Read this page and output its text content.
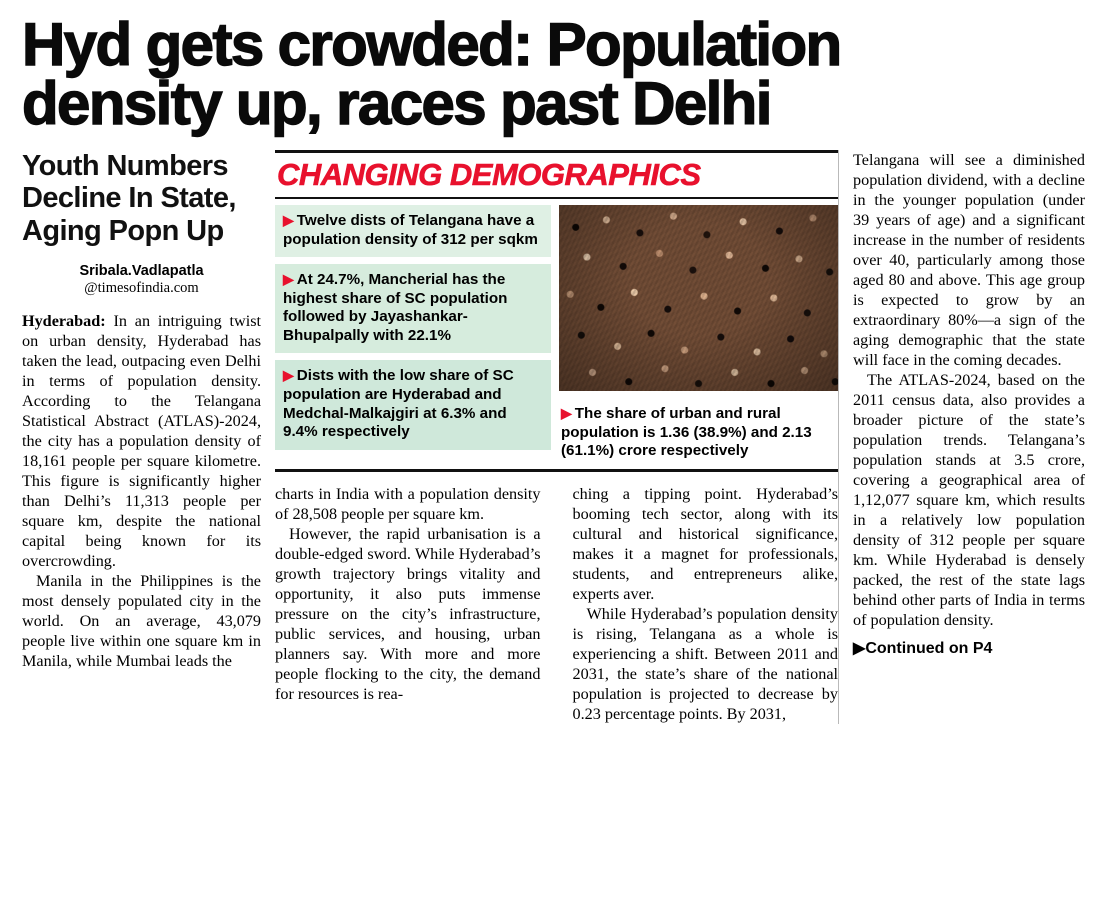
Hyd gets crowded: Population
density up, races past Delhi
Youth Numbers Decline In State, Aging Popn Up
Sribala.Vadlapatla
@timesofindia.com

Hyderabad: In an intriguing twist on urban density, Hyderabad has taken the lead, outpacing even Delhi in terms of population density. According to the Telangana Statistical Abstract (ATLAS)-2024, the city has a population density of 18,161 people per square kilometre. This figure is significantly higher than Delhi’s 11,313 people per square km, despite the national capital being known for its overcrowding.

Manila in the Philippines is the most densely populated city in the world. On an average, 43,079 people live within one square km in Manila, while Mumbai leads the

CHANGING DEMOGRAPHICS
▶ Twelve dists of Telangana have a population density of 312 per sqkm
▶ At 24.7%, Mancherial has the highest share of SC population followed by Jayashankar-Bhupalpally with 22.1%
▶ Dists with the low share of SC population are Hyderabad and Medchal-Malkajgiri at 6.3% and 9.4% respectively
▶ The share of urban and rural population is 1.36 (38.9%) and 2.13 (61.1%) crore respectively

charts in India with a population density of 28,508 people per square km.

However, the rapid urbanisation is a double-edged sword. While Hyderabad’s growth trajectory brings vitality and opportunity, it also puts immense pressure on the city’s infrastructure, public services, and housing, urban planners say. With more and more people flocking to the city, the demand for resources is rea-

ching a tipping point. Hyderabad’s booming tech sector, along with its cultural and historical significance, makes it a magnet for professionals, students, and entrepreneurs alike, experts aver.

While Hyderabad’s population density is rising, Telangana as a whole is experiencing a shift. Between 2011 and 2031, the state’s share of the national population is projected to decrease by 0.23 percentage points. By 2031,

Telangana will see a diminished population dividend, with a decline in the younger population (under 39 years of age) and a significant increase in the number of residents over 40, particularly among those aged 80 and above. This age group is expected to grow by an extraordinary 80%—a sign of the aging demographic that the state will face in the coming decades.

The ATLAS-2024, based on the 2011 census data, also provides a broader picture of the state’s population trends. Telangana’s population stands at 3.5 crore, covering a geographical area of 1,12,077 square km, which results in a relatively low population density of 312 people per square km. While Hyderabad is densely packed, the rest of the state lags behind other parts of India in terms of population density.

▶Continued on P4
